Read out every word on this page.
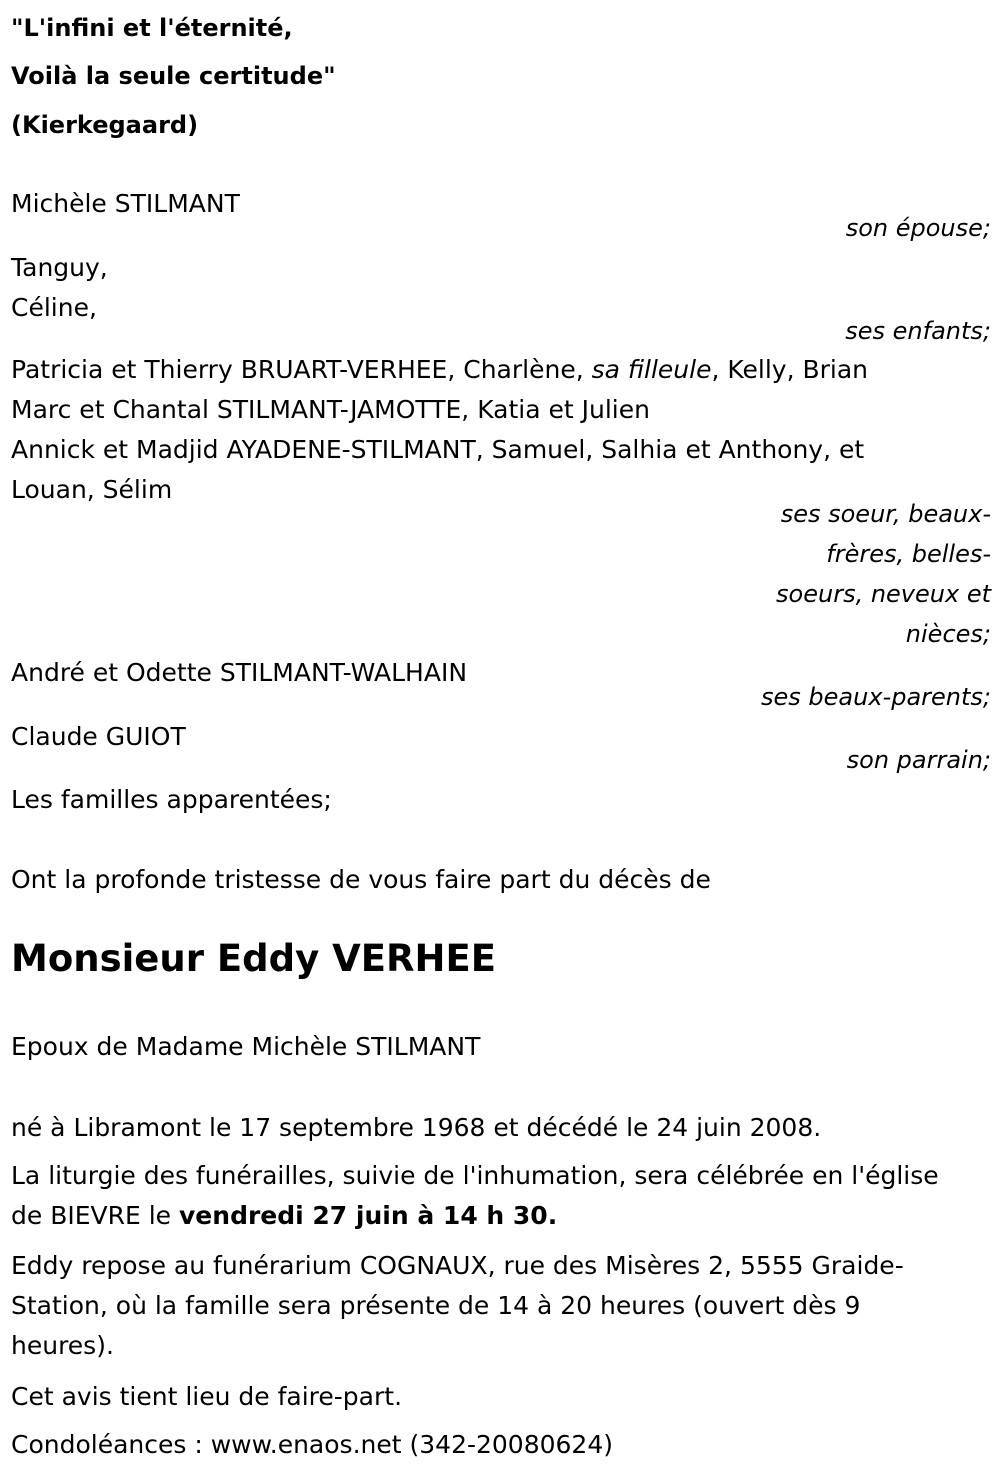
"L'infini et l'éternité,
Voilà la seule certitude"
(Kierkegaard)
Michèle STILMANT
son épouse;
Tanguy,
Céline,
ses enfants;
Patricia et Thierry BRUART-VERHEE, Charlène, sa filleule, Kelly, Brian
Marc et Chantal STILMANT-JAMOTTE, Katia et Julien
Annick et Madjid AYADENE-STILMANT, Samuel, Salhia et Anthony, et
Louan, Sélim
ses soeur, beaux-
frères, belles-
soeurs, neveux et
nièces;
André et Odette STILMANT-WALHAIN
ses beaux-parents;
Claude GUIOT
son parrain;
Les familles apparentées;
Ont la profonde tristesse de vous faire part du décès de
Monsieur Eddy VERHEE
Epoux de Madame Michèle STILMANT
né à Libramont le 17 septembre 1968 et décédé le 24 juin 2008.
La liturgie des funérailles, suivie de l'inhumation, sera célébrée en l'église
de BIEVRE le vendredi 27 juin à 14 h 30.
Eddy repose au funérarium COGNAUX, rue des Misères 2, 5555 Graide-
Station, où la famille sera présente de 14 à 20 heures (ouvert dès 9
heures).
Cet avis tient lieu de faire-part.
Condoléances : www.enaos.net (342-20080624)
